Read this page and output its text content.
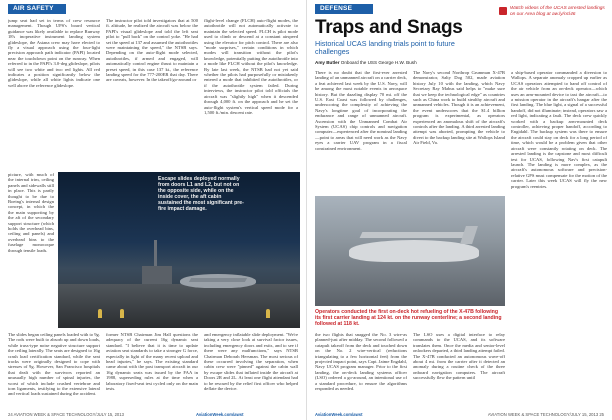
AIR SAFETY
jump seat had set in terms of crew resource management. Though UPS's board vertical guidance was likely available to replace Runway 18's inoperative instrument landing system glideslope, the Asiana crew may have elected to fly a visual approach using the four-light precision approach path indicator (PAPI) located near the touchdown point on the runway. When referred to in the PAPI's 3.0-deg glideslope, pilots will see two white and two red lights. All red indicates a position significantly below the glideslope, while all white lights indicate one well above the reference glideslope.
The instructor pilot told investigators that at 500 ft. altitude, he realized the aircraft was below the PAPI's visual glideslope and told the left seat pilot to "pull back" on the control yoke. "He had set the speed at 137 and assumed the autothrottles were maintaining the speed," the NTSB says. Depending on the auto-flight mode selected, autothrottles, if armed and engaged, will automatically control engine thrust to maintain a preset speed, in this case 137 kt., the reference landing speed for the 777-200ER that day. There are caveats, however. In the takeoff/go-around or
flight-level change (FLCH) auto-flight modes, the autothrottle will not automatically activate to maintain the selected speed. FLCH is pilot mode used to climb or descend at a constant airspeed using the elevator for pitch control. There are also "mode surprises," certain conditions in which modes will transition without the pilot's knowledge, potentially putting the autothrottle into a mode like FLCH without the pilot's knowledge. By late last week, the NTSB had not yet said whether the pilots had purposefully or mistakenly entered a mode that inhibited the autothrottles, or if the autothrottle system failed. During interviews, the instructor pilot told officials the aircraft was "slightly high" when it descended through 4,000 ft. on the approach and he set the auto-flight system's vertical speed mode for a 1,500 ft./min. descent rate.
picture, with much of the internal trim, ceiling panels and sidewalls still in place. This is partly thought to be due to Boeing's internal design concept, in which the the main supporting by the aft of the secondary support structure (which holds the overhead bins, ceiling and panels) and overhead bins to the fuselage monocoque through tensile loads.
Escape slides deployed normally from doors L1 and L2, but not on the opposite side, while on the inside cover, the aft cabin sustained the most significant pre-fire impact damage.
The slides began ceiling panels loaded with to 9g. The rods were built to absorb up and down loads, while truss-type noise negative structure support the ceiling laterally. The seats are designed to 16g crash load certification standard, while the seat tracks were originally designed to cope with stresses of 9g. However, San Francisco hospitals that dealt with the survivors reported an unusually high number of spinal injuries, the worst of which include crushed vertebrae and torn ligaments, testifying to the extensive lateral and vertical loads sustained during the accident.
former NTSB Chairman Jim Hall questions the adequacy of the current 16g dynamic seat standard. "I believe that it is time to update aviation seat standards to take a stronger G force, especially in light of the many recent upload and head injuries," he says. The existing standard came about with the past transport aircraft in our 16g dynamic seats was issued by the FAA in 1988, superseding rules at the time when a laboratory fixed-seat test cycled only on the main tests.
and emergency inflatable slide deployment. "We're taking a very close look at survival factor issues, including emergency doors and exits, and to see if there were any malfunctions," says NTSB Chairman Deborah Hersman. The most serious of these occurred involving the separation, when cabin crew were "pinned" against the cabin wall by escape slides that inflated inside the aircraft at Doors 2R and 2L. At least one flight attendant had to be rescued by the relief first officer who helped deflate the device.
24 AVIATION WEEK & SPACE TECHNOLOGY/JULY 15, 2013	AviationWeek.com/awst
DEFENSE	Watch videos of the UCAS arrested landings on our Area blog at aw.ly/ncl46
Traps and Snags
Historical UCAS landing trials point to future challenges
Amy Butler Onboard the USS George H.W. Bush
There is no doubt that the first-ever arrested landing of an unmanned aircraft on a carrier deck, a feat achieved last week by the U.S. Navy, will be among the most notable events in aerospace history. But the dazzling display 70 mi. off the U.S. East Coast was followed by challenges, underscoring the complexity of achieving the Navy's longtime goal of incorporating the endurance and range of unmanned aircraft. Ascension with the Unmanned Combat Air System (UCAS) chip controls and navigation computer—experienced after the nominal landing—point to areas that will need work as the Navy eyes a carrier UAV program in a fiscal constrained environment.
The Navy's second Northrop Grumman X-47B demonstrator, Salty Dog 502, made aviation history July 10 with the landing, which Navy Secretary Ray Mabus said helps to "make sure that we keep the technological edge" as countries such as China work to build stealthy aircraft and unmanned vehicles. Though it is an achievement, the event underscores that the $1.4 billion program is experimental, as operators experienced an anomalous shift of the aircraft's controls after the landing. A third arrested landing attempt was aborted, prompting the vehicle to divert to the backup landing site at Wallops Island Air Field, Va.
a ship-based operator commanded a diversion to Wallops. A separate anomaly cropped up earlier as UCAS operators attempted to hand off control of the air vehicle from an on-deck operator—which uses an arm-mounted device to taxi the aircraft—to a mission operator in the aircraft's hangar after the first landing. The blue light, a signal of a successful handoff, did not illuminate; instead, operators saw a red light, indicating a fault. The deck crew quickly worked with a backup arm-mounted deck controller, achieving proper handoff, according to Engidahl. The backup system was there to ensure the aircraft could stay on deck for a long period of time, which would be a problem given that other aircraft were constantly rotating on deck. The arrested landing is the capstone and most difficult test for UCAS, following Nav's first catapult launch. The landing is more complex, as the aircraft's autonomous software and precision-relative GPS must compensate for the motion of the carrier. Later this week UCAS will fly the new program's reentries.
Operators conducted the first on-deck hot refueling of the X-47B following its first carrier landing at 124 kt. on the runway centerline; a second landing followed at 118 kt.
the two flights that snagged the No. 3 wire-as planned-just after midday. The second followed a catapult takeoff from the deck and touched down on the No. 2 wire-vertical (reductions triangulating to a few horizontal feet) from the projected impact point, says Capt. Jaime Engdahl, Navy UCAS program manager. Prior to the first landing, the on-deck landing systems officer (LSO) ordered a go-around, an intentional use of a standard procedure, to ensure the algorithms responded as needed.
The LSO uses a digital interface to relay commands to the UCAS, and its software translates them. Once the media and senior-level onlookers departed, a third landing attempt failed. The X-47B conducted an autonomous wave-off about 4 mi. from the carrier after it detected an anomaly during a routine check of the three onboard navigation computers. The aircraft successfully flew the pattern until
AviationWeek.com/awst	AVIATION WEEK & SPACE TECHNOLOGY/JULY 15, 2013 25
